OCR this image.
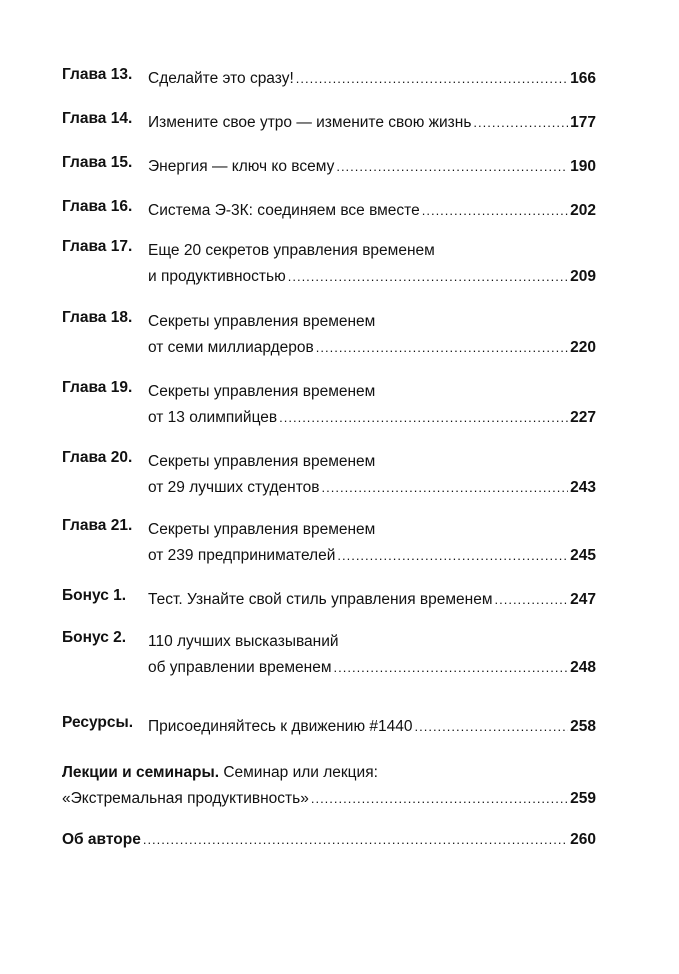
Глава 13. Сделайте это сразу! .....	166
Глава 14. Измените свое утро — измените свою жизнь .....	177
Глава 15. Энергия — ключ ко всему .....	190
Глава 16. Система Э-3К: соединяем все вместе .....	202
Глава 17. Еще 20 секретов управления временем
и продуктивностью .....	209
Глава 18. Секреты управления временем
от семи миллиардеров .....	220
Глава 19. Секреты управления временем
от 13 олимпийцев .....	227
Глава 20. Секреты управления временем
от 29 лучших студентов .....	243
Глава 21. Секреты управления временем
от 239 предпринимателей .....	245
Бонус 1. Тест. Узнайте свой стиль управления временем .....	247
Бонус 2. 110 лучших высказываний
об управлении временем .....	248
Ресурсы. Присоединяйтесь к движению #1440 .....	258
Лекции и семинары.
Семинар или лекция:
«Экстремальная продуктивность» .....	259
Об авторе .....	260
